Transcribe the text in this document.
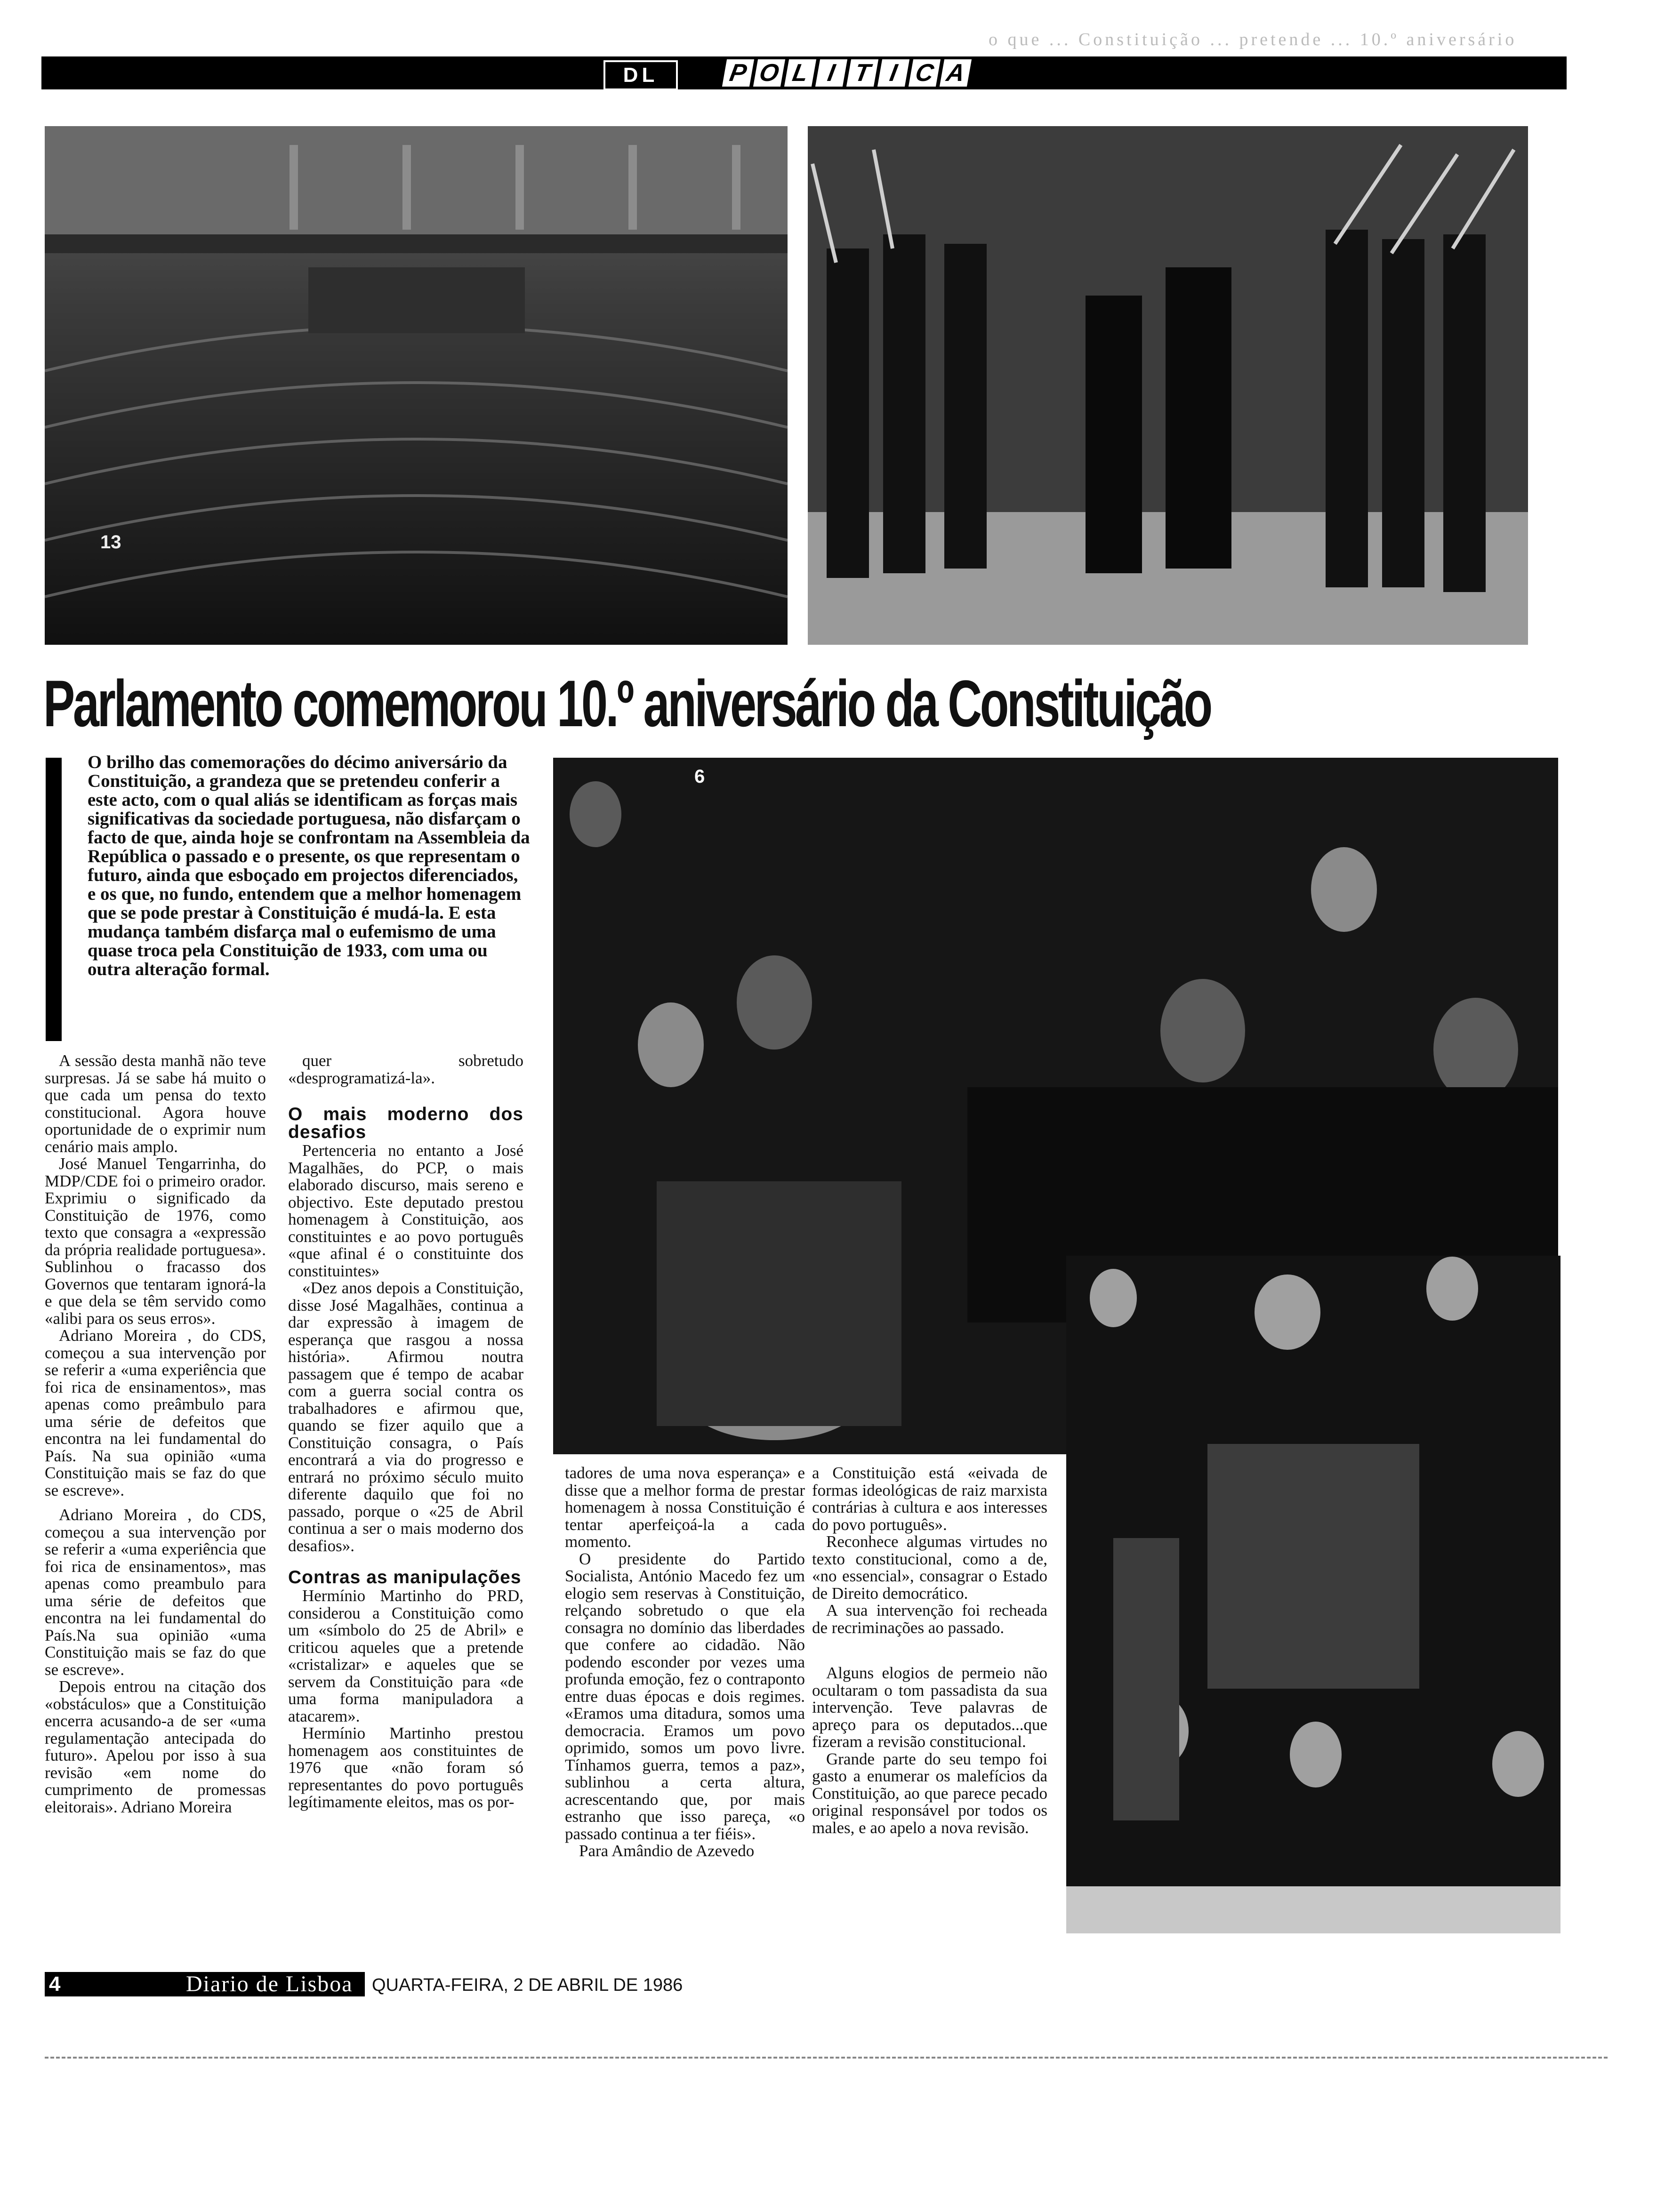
o que ... Constituição ... pretende ... 10.º aniversário
DL	P O L I T I C A
13
Parlamento comemorou 10.º aniversário da Constituição
O brilho das comemorações do décimo aniversário da Constituição, a grandeza que se pretendeu conferir a este acto, com o qual aliás se identificam as forças mais significativas da sociedade portuguesa, não disfarçam o facto de que, ainda hoje se confrontam na Assembleia da República o passado e o presente, os que representam o futuro, ainda que esboçado em projectos diferenciados, e os que, no fundo, entendem que a melhor homenagem que se pode prestar à Constituição é mudá-la. E esta mudança também disfarça mal o eufemismo de uma quase troca pela Constituição de 1933, com uma ou outra alteração formal.
6

A sessão desta manhã não teve surpresas. Já se sabe há muito o que cada um pensa do texto constitucional. Agora houve oportunidade de o exprimir num cenário mais amplo.

José Manuel Tengarrinha, do MDP/CDE foi o primeiro orador. Exprimiu o significado da Constituição de 1976, como texto que consagra a «expressão da própria realidade portuguesa». Sublinhou o fracasso dos Governos que tentaram ignorá-la e que dela se têm servido como «alibi para os seus erros».

Adriano Moreira , do CDS, começou a sua intervenção por se referir a «uma experiência que foi rica de ensinamentos», mas apenas como preâmbulo para uma série de defeitos que encontra na lei fundamental do País. Na sua opinião «uma Constituição mais se faz do que se escreve».

Adriano Moreira , do CDS, começou a sua intervenção por se referir a «uma experiência que foi rica de ensinamentos», mas apenas como preambulo para uma série de defeitos que encontra na lei fundamental do País.Na sua opinião «uma Constituição mais se faz do que se escreve».

Depois entrou na citação dos «obstáculos» que a Constituição encerra acusando-a de ser «uma regulamentação antecipada do futuro». Apelou por isso à sua revisão «em nome do cumprimento de promessas eleitorais». Adriano Moreira

quer sobretudo «desprogramatizá-la».

O mais moderno dos desafios

Pertenceria no entanto a José Magalhães, do PCP, o mais elaborado discurso, mais sereno e objectivo. Este deputado prestou homenagem à Constituição, aos constituintes e ao povo português «que afinal é o constituinte dos constituintes»

«Dez anos depois a Constituição, disse José Magalhães, continua a dar expressão à imagem de esperança que rasgou a nossa história». Afirmou noutra passagem que é tempo de acabar com a guerra social contra os trabalhadores e afirmou que, quando se fizer aquilo que a Constituição consagra, o País encontrará a via do progresso e entrará no próximo século muito diferente daquilo que foi no passado, porque o «25 de Abril continua a ser o mais moderno dos desafios».

Contras as manipulações

Hermínio Martinho do PRD, considerou a Constituição como um «símbolo do 25 de Abril» e criticou aqueles que a pretende «cristalizar» e aqueles que se servem da Constituição para «de uma forma manipuladora a atacarem».

Hermínio Martinho prestou homenagem aos constituintes de 1976 que «não foram só representantes do povo português legítimamente eleitos, mas os por-

tadores de uma nova esperança» e disse que a melhor forma de prestar homenagem à nossa Constituição é tentar aperfeiçoá-la a cada momento.

O presidente do Partido Socialista, António Macedo fez um elogio sem reservas à Constituição, relçando sobretudo o que ela consagra no domínio das liberdades que confere ao cidadão. Não podendo esconder por vezes uma profunda emoção, fez o contraponto entre duas épocas e dois regimes. «Eramos uma ditadura, somos uma democracia. Eramos um povo oprimido, somos um povo livre. Tínhamos guerra, temos a paz», sublinhou a certa altura, acrescentando que, por mais estranho que isso pareça, «o passado continua a ter fiéis».

Para Amândio de Azevedo

a Constituição está «eivada de formas ideológicas de raiz marxista contrárias à cultura e aos interesses do povo português».

Reconhece algumas virtudes no texto constitucional, como a de, «no essencial», consagrar o Estado de Direito democrático.

A sua intervenção foi recheada de recriminações ao passado.

Alguns elogios de permeio não ocultaram o tom passadista da sua intervenção. Teve palavras de apreço para os deputados...que fizeram a revisão constitucional.

Grande parte do seu tempo foi gasto a enumerar os malefícios da Constituição, ao que parece pecado original responsável por todos os males, e ao apelo a nova revisão.

4	Diario de Lisboa QUARTA-FEIRA, 2 DE ABRIL DE 1986
